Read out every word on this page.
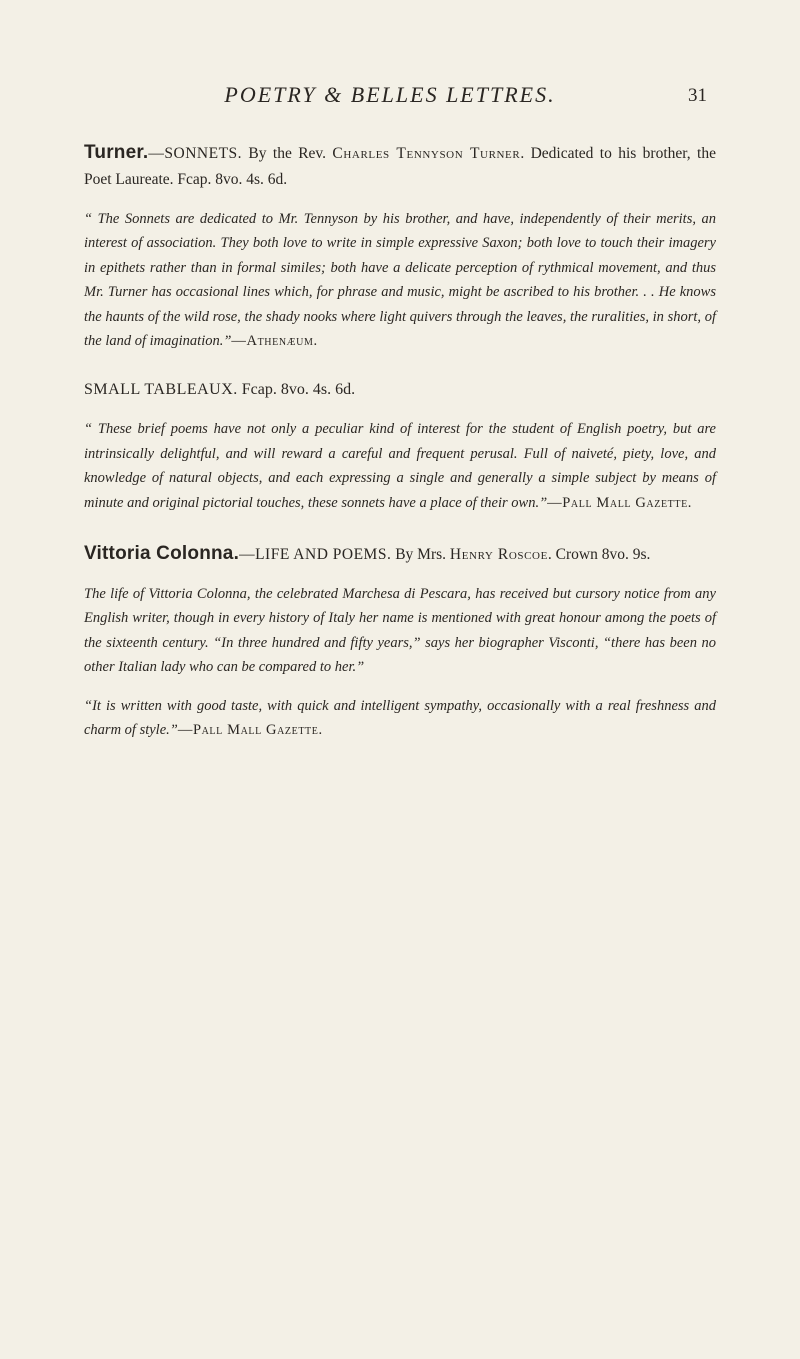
POETRY & BELLES LETTRES.	31

Turner.—SONNETS. By the Rev. Charles Tennyson Turner. Dedicated to his brother, the Poet Laureate. Fcap. 8vo. 4s. 6d.

“ The Sonnets are dedicated to Mr. Tennyson by his brother, and have, independently of their merits, an interest of association. They both love to write in simple expressive Saxon; both love to touch their imagery in epithets rather than in formal similes; both have a delicate perception of rythmical movement, and thus Mr. Turner has occasional lines which, for phrase and music, might be ascribed to his brother. . . He knows the haunts of the wild rose, the shady nooks where light quivers through the leaves, the ruralities, in short, of the land of imagination.”—Athenæum.

SMALL TABLEAUX. Fcap. 8vo. 4s. 6d.

“ These brief poems have not only a peculiar kind of interest for the student of English poetry, but are intrinsically delightful, and will reward a careful and frequent perusal. Full of naiveté, piety, love, and knowledge of natural objects, and each expressing a single and generally a simple subject by means of minute and original pictorial touches, these sonnets have a place of their own.”—Pall Mall Gazette.

Vittoria Colonna.—LIFE AND POEMS. By Mrs. Henry Roscoe. Crown 8vo. 9s.

The life of Vittoria Colonna, the celebrated Marchesa di Pescara, has received but cursory notice from any English writer, though in every history of Italy her name is mentioned with great honour among the poets of the sixteenth century. “In three hundred and fifty years,” says her biographer Visconti, “there has been no other Italian lady who can be compared to her.”

“It is written with good taste, with quick and intelligent sympathy, occasionally with a real freshness and charm of style.”—Pall Mall Gazette.
